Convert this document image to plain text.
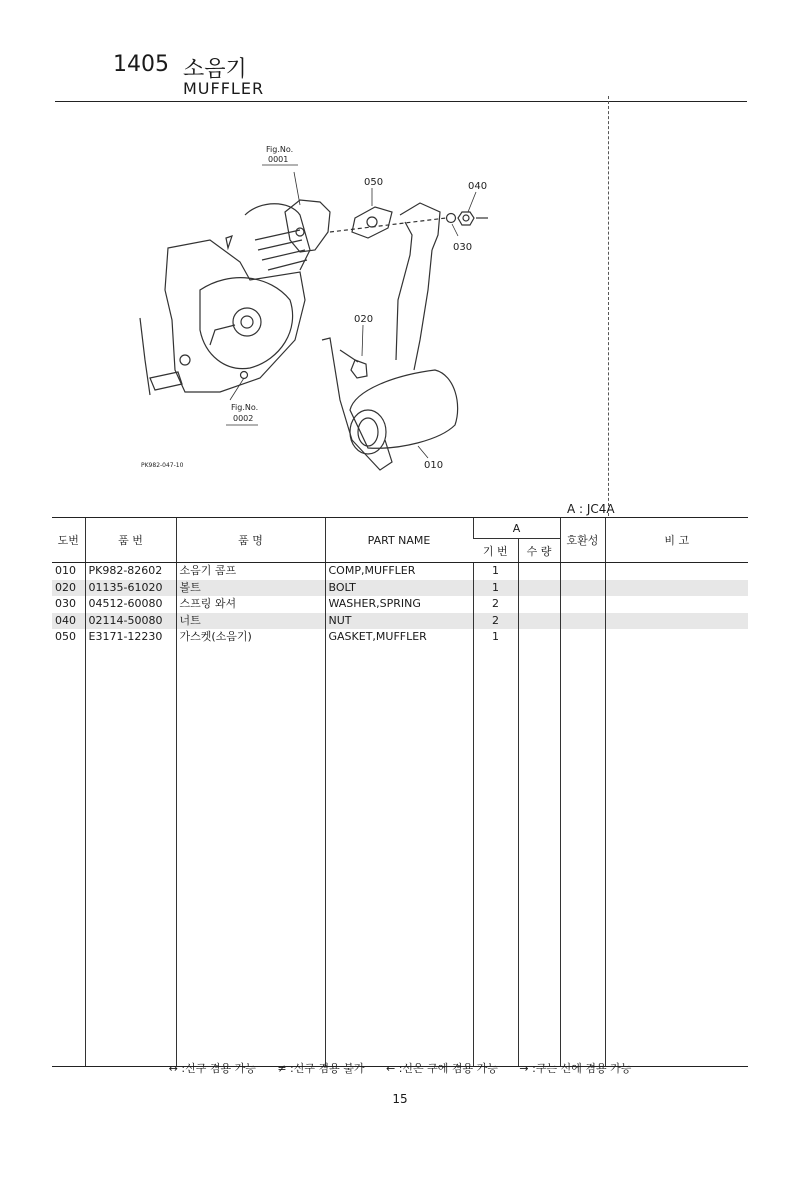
1405 소음기
MUFFLER
Fig.No.
0001
Fig.No.
0002
010
020
030
040
050
PK982-047-10
A : JC4A
도번	품 번	품 명	PART NAME	A		호환성	비 고
				기 번	수 량		
010	PK982-82602	소음기 콤프	COMP,MUFFLER	1			
020	01135-61020	볼트	BOLT	1			
030	04512-60080	스프링 와셔	WASHER,SPRING	2			
040	02114-50080	너트	NUT	2			
050	E3171-12230	가스켓(소음기)	GASKET,MUFFLER	1			

↔ :신구 겸용 가능 ≠ :신구 겸용 불가 ← :신은 구에 겸용 가능 → :구는 신에 겸용 가능
15
